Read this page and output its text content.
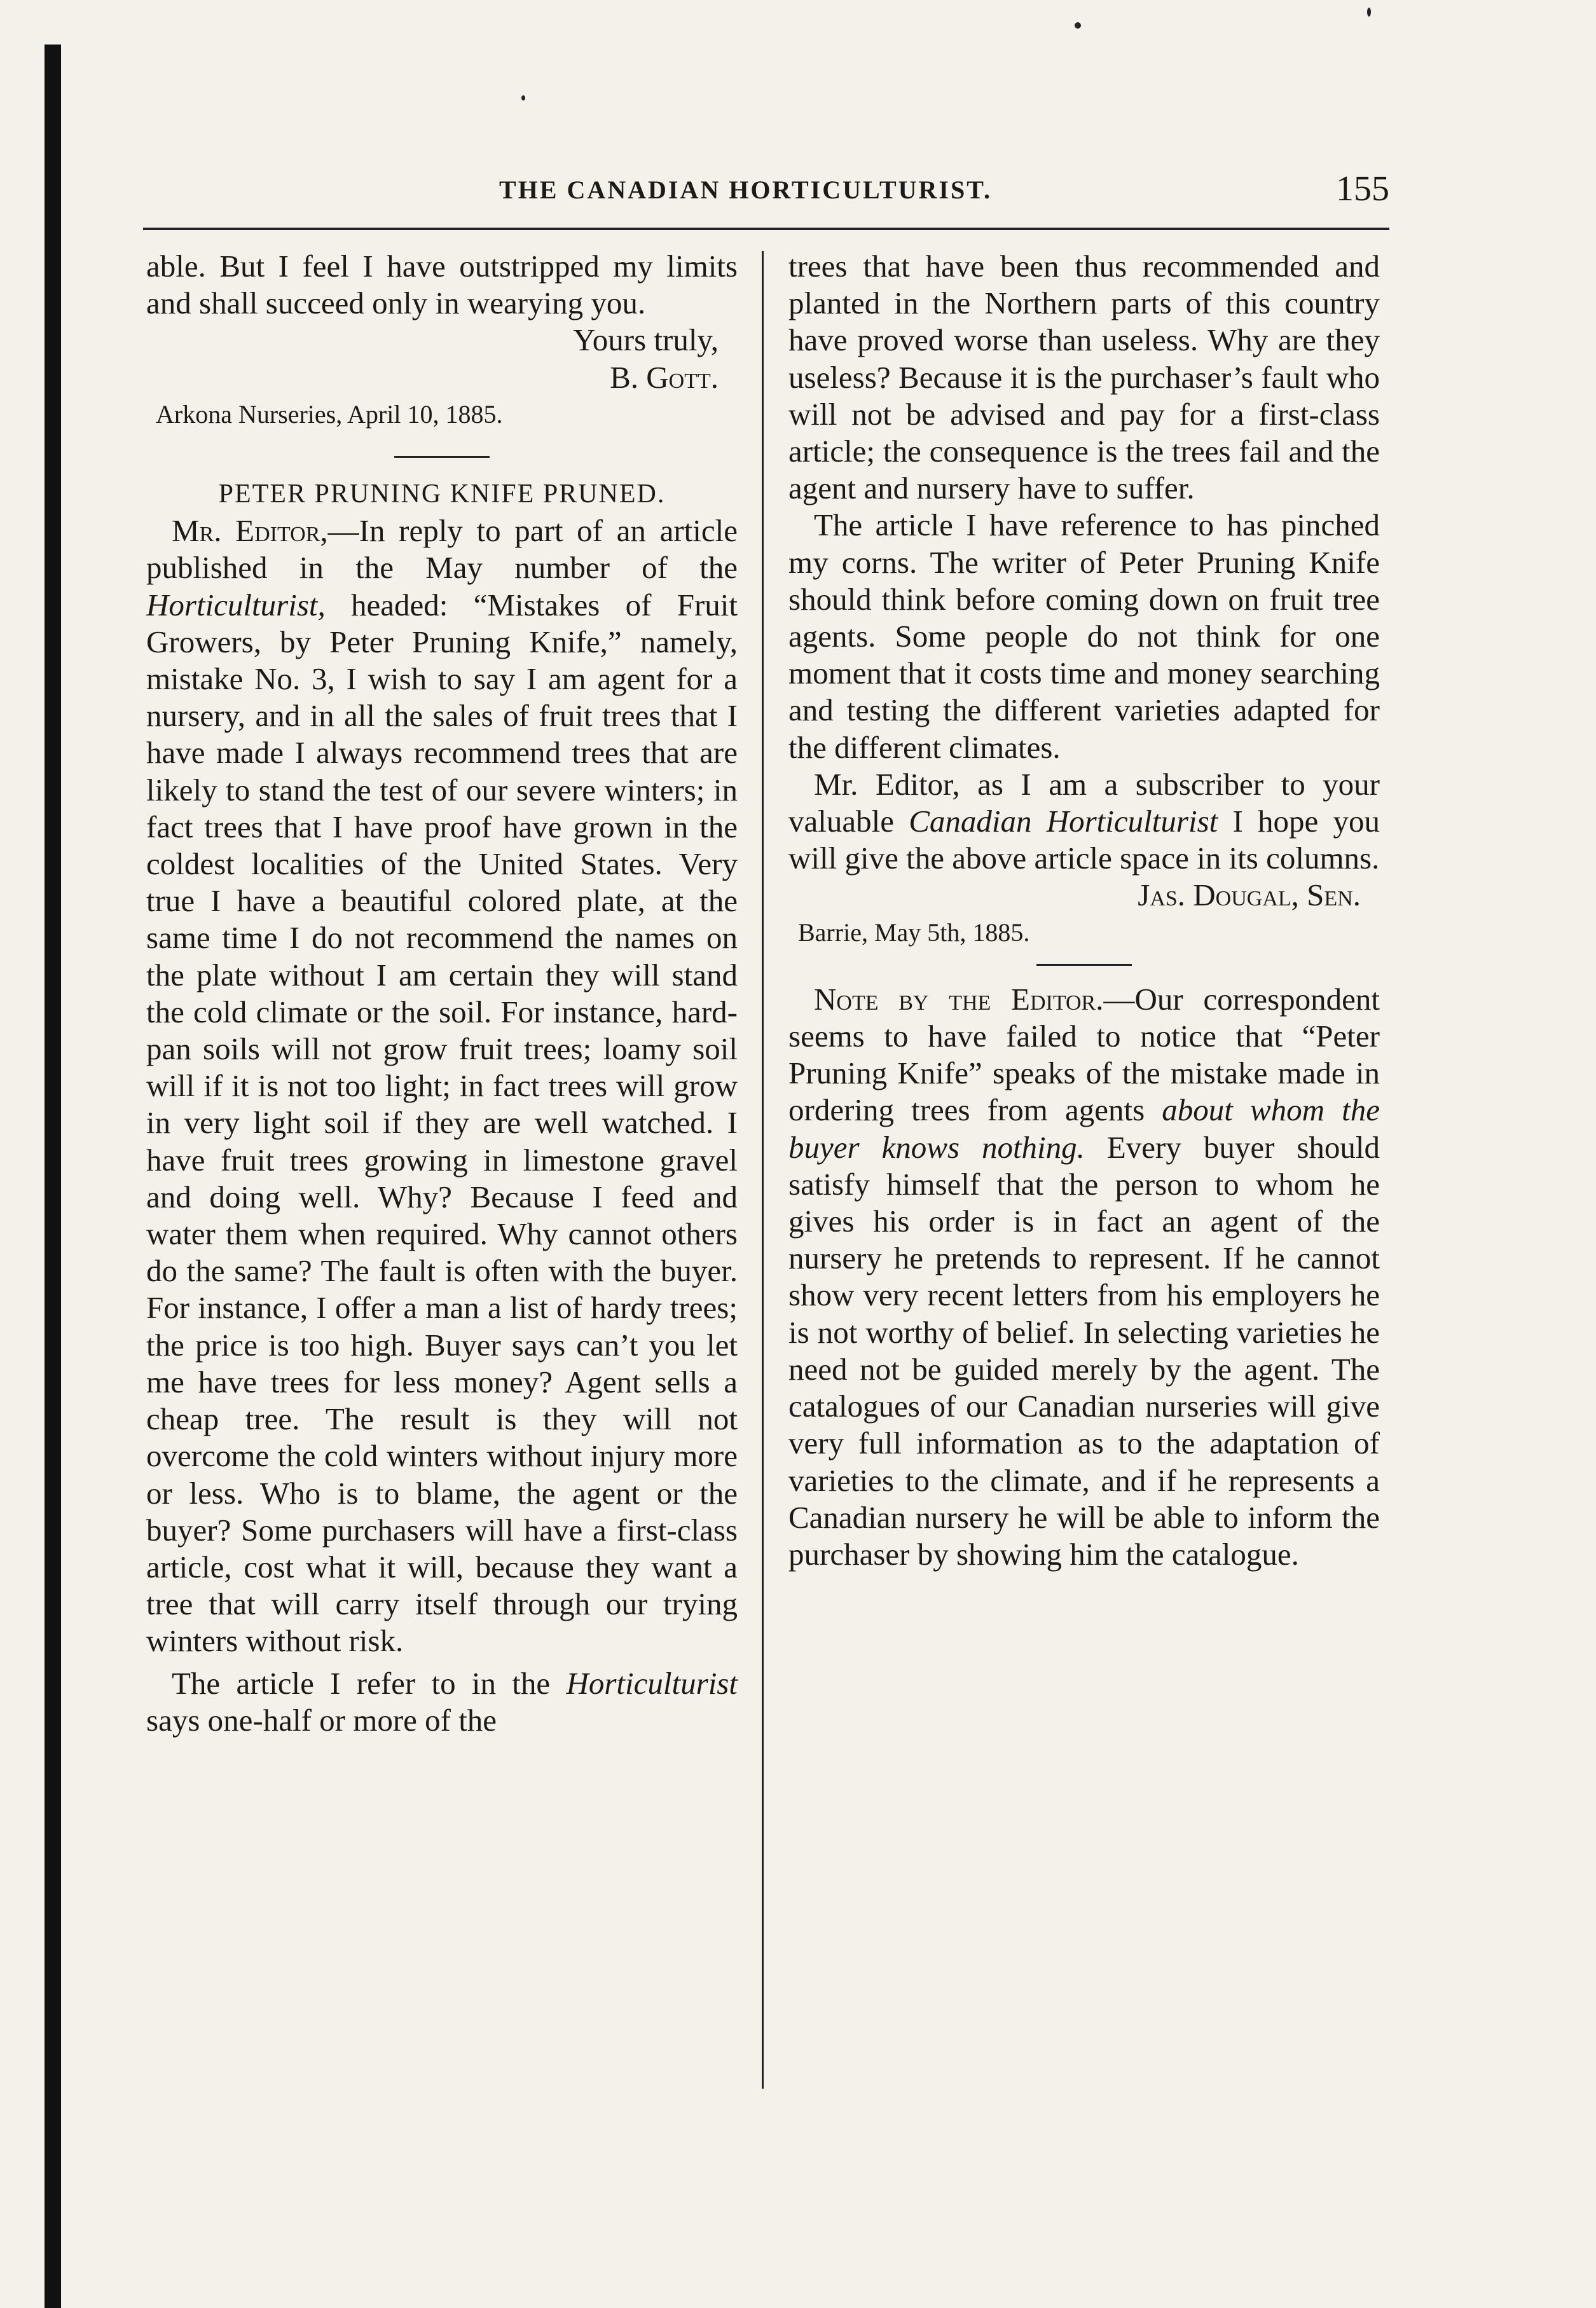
THE CANADIAN HORTICULTURIST.	155

able. But I feel I have outstripped my limits and shall succeed only in wearying you.

Yours truly,

B. Gott.

Arkona Nurseries, April 10, 1885.

PETER PRUNING KNIFE PRUNED.

Mr. Editor,—In reply to part of an article published in the May number of the Horticulturist, headed: “Mistakes of Fruit Growers, by Peter Pruning Knife,” namely, mistake No. 3, I wish to say I am agent for a nursery, and in all the sales of fruit trees that I have made I always recommend trees that are likely to stand the test of our severe winters; in fact trees that I have proof have grown in the coldest localities of the United States. Very true I have a beautiful colored plate, at the same time I do not recommend the names on the plate without I am certain they will stand the cold climate or the soil. For instance, hard-pan soils will not grow fruit trees; loamy soil will if it is not too light; in fact trees will grow in very light soil if they are well watched. I have fruit trees growing in limestone gravel and doing well. Why? Because I feed and water them when required. Why cannot others do the same? The fault is often with the buyer. For instance, I offer a man a list of hardy trees; the price is too high. Buyer says can’t you let me have trees for less money? Agent sells a cheap tree. The result is they will not overcome the cold winters without injury more or less. Who is to blame, the agent or the buyer? Some purchasers will have a first-class article, cost what it will, because they want a tree that will carry itself through our trying winters without risk.

The article I refer to in the Horticulturist says one-half or more of the

trees that have been thus recommended and planted in the Northern parts of this country have proved worse than useless. Why are they useless? Because it is the purchaser’s fault who will not be advised and pay for a first-class article; the consequence is the trees fail and the agent and nursery have to suffer.

The article I have reference to has pinched my corns. The writer of Peter Pruning Knife should think before coming down on fruit tree agents. Some people do not think for one moment that it costs time and money searching and testing the different varieties adapted for the different climates.

Mr. Editor, as I am a subscriber to your valuable Canadian Horticulturist I hope you will give the above article space in its columns.

Jas. Dougal, Sen.

Barrie, May 5th, 1885.

Note by the Editor.—Our correspondent seems to have failed to notice that “Peter Pruning Knife” speaks of the mistake made in ordering trees from agents about whom the buyer knows nothing. Every buyer should satisfy himself that the person to whom he gives his order is in fact an agent of the nursery he pretends to represent. If he cannot show very recent letters from his employers he is not worthy of belief. In selecting varieties he need not be guided merely by the agent. The catalogues of our Canadian nurseries will give very full information as to the adaptation of varieties to the climate, and if he represents a Canadian nursery he will be able to inform the purchaser by showing him the catalogue.
